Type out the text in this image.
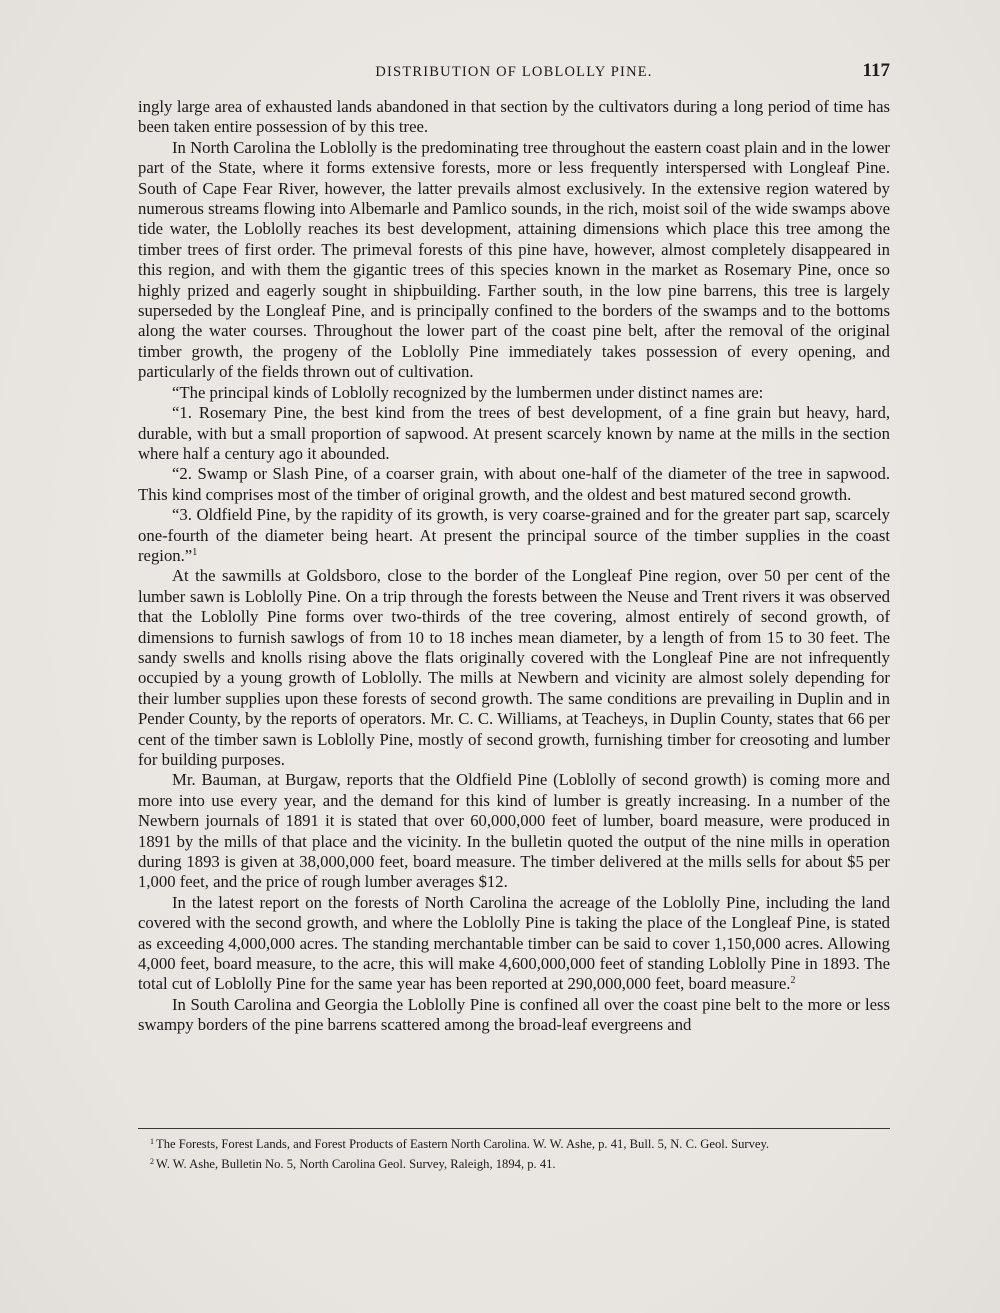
DISTRIBUTION OF LOBLOLLY PINE.	117

ingly large area of exhausted lands abandoned in that section by the cultivators during a long period of time has been taken entire possession of by this tree.

In North Carolina the Loblolly is the predominating tree throughout the eastern coast plain and in the lower part of the State, where it forms extensive forests, more or less frequently interspersed with Longleaf Pine. South of Cape Fear River, however, the latter prevails almost exclusively. In the extensive region watered by numerous streams flowing into Albemarle and Pamlico sounds, in the rich, moist soil of the wide swamps above tide water, the Loblolly reaches its best development, attaining dimensions which place this tree among the timber trees of first order. The primeval forests of this pine have, however, almost completely disappeared in this region, and with them the gigantic trees of this species known in the market as Rosemary Pine, once so highly prized and eagerly sought in shipbuilding. Farther south, in the low pine barrens, this tree is largely superseded by the Longleaf Pine, and is principally confined to the borders of the swamps and to the bottoms along the water courses. Throughout the lower part of the coast pine belt, after the removal of the original timber growth, the progeny of the Loblolly Pine immediately takes possession of every opening, and particularly of the fields thrown out of cultivation.

“The principal kinds of Loblolly recognized by the lumbermen under distinct names are:

“1. Rosemary Pine, the best kind from the trees of best development, of a fine grain but heavy, hard, durable, with but a small proportion of sapwood. At present scarcely known by name at the mills in the section where half a century ago it abounded.

“2. Swamp or Slash Pine, of a coarser grain, with about one-half of the diameter of the tree in sapwood. This kind comprises most of the timber of original growth, and the oldest and best matured second growth.

“3. Oldfield Pine, by the rapidity of its growth, is very coarse-grained and for the greater part sap, scarcely one-fourth of the diameter being heart. At present the principal source of the timber supplies in the coast region.”$^1$

At the sawmills at Goldsboro, close to the border of the Longleaf Pine region, over 50 per cent of the lumber sawn is Loblolly Pine. On a trip through the forests between the Neuse and Trent rivers it was observed that the Loblolly Pine forms over two-thirds of the tree covering, almost entirely of second growth, of dimensions to furnish sawlogs of from 10 to 18 inches mean diameter, by a length of from 15 to 30 feet. The sandy swells and knolls rising above the flats originally covered with the Longleaf Pine are not infrequently occupied by a young growth of Loblolly. The mills at Newbern and vicinity are almost solely depending for their lumber supplies upon these forests of second growth. The same conditions are prevailing in Duplin and in Pender County, by the reports of operators. Mr. C. C. Williams, at Teacheys, in Duplin County, states that 66 per cent of the timber sawn is Loblolly Pine, mostly of second growth, furnishing timber for creosoting and lumber for building purposes.

Mr. Bauman, at Burgaw, reports that the Oldfield Pine (Loblolly of second growth) is coming more and more into use every year, and the demand for this kind of lumber is greatly increasing. In a number of the Newbern journals of 1891 it is stated that over 60,000,000 feet of lumber, board measure, were produced in 1891 by the mills of that place and the vicinity. In the bulletin quoted the output of the nine mills in operation during 1893 is given at 38,000,000 feet, board measure. The timber delivered at the mills sells for about $5 per 1,000 feet, and the price of rough lumber averages $12.

In the latest report on the forests of North Carolina the acreage of the Loblolly Pine, including the land covered with the second growth, and where the Loblolly Pine is taking the place of the Longleaf Pine, is stated as exceeding 4,000,000 acres. The standing merchantable timber can be said to cover 1,150,000 acres. Allowing 4,000 feet, board measure, to the acre, this will make 4,600,000,000 feet of standing Loblolly Pine in 1893. The total cut of Loblolly Pine for the same year has been reported at 290,000,000 feet, board measure.$^2$

In South Carolina and Georgia the Loblolly Pine is confined all over the coast pine belt to the more or less swampy borders of the pine barrens scattered among the broad-leaf evergreens and

$^1$ The Forests, Forest Lands, and Forest Products of Eastern North Carolina. W. W. Ashe, p. 41, Bull. 5, N. C. Geol. Survey.

$^2$ W. W. Ashe, Bulletin No. 5, North Carolina Geol. Survey, Raleigh, 1894, p. 41.
